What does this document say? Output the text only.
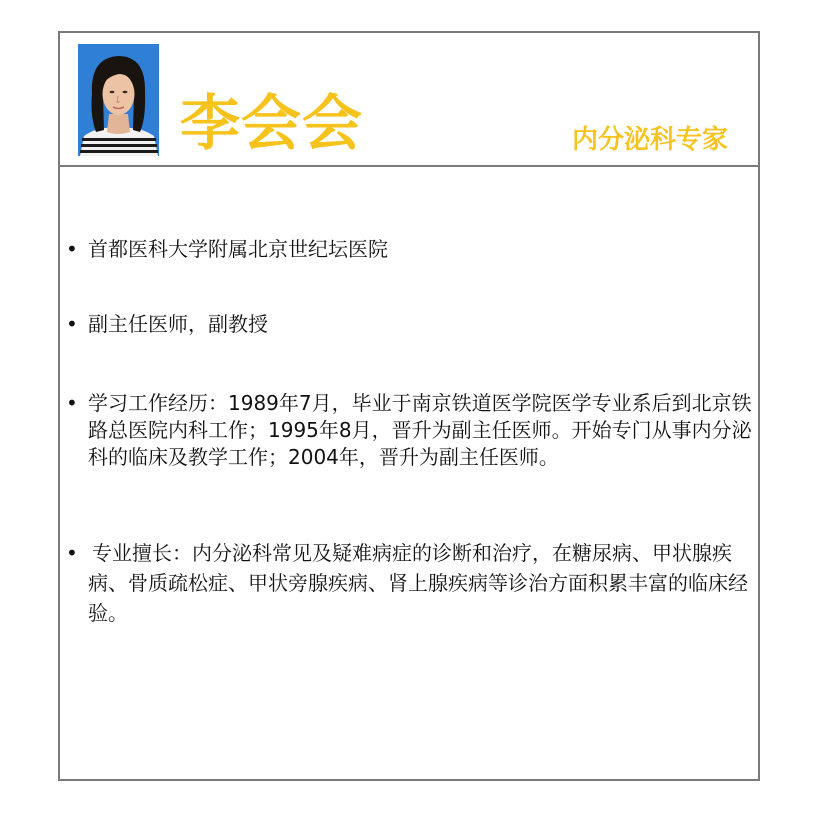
李会会	内分泌科专家
• 首都医科大学附属北京世纪坛医院
• 副主任医师，副教授
• 学习工作经历：1989年7月，毕业于南京铁道医学院医学专业系后到北京铁路总医院内科工作；1995年8月，晋升为副主任医师。开始专门从事内分泌科的临床及教学工作；2004年，晋升为副主任医师。
• 专业擅长：内分泌科常见及疑难病症的诊断和治疗，在糖尿病、甲状腺疾病、骨质疏松症、甲状旁腺疾病、肾上腺疾病等诊治方面积累丰富的临床经验。
